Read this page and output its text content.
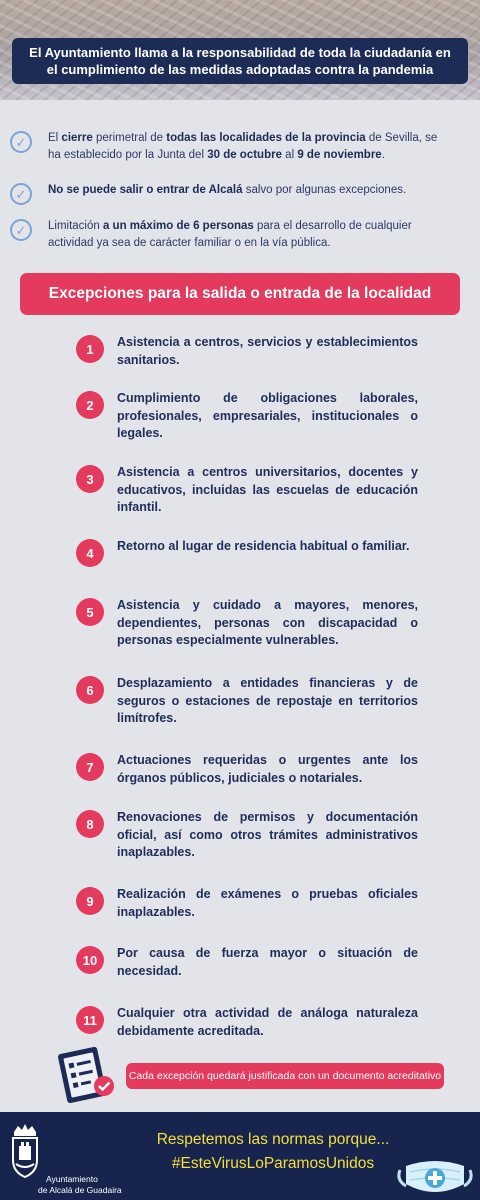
El Ayuntamiento llama a la responsabilidad de toda la ciudadanía en el cumplimiento de las medidas adoptadas contra la pandemia
✓	El cierre perimetral de todas las localidades de la provincia de Sevilla, se ha establecido por la Junta del 30 de octubre al 9 de noviembre.

✓	No se puede salir o entrar de Alcalá salvo por algunas excepciones.

✓	Limitación a un máximo de 6 personas para el desarrollo de cualquier actividad ya sea de carácter familiar o en la vía pública.

Excepciones para la salida o entrada de la localidad
1	Asistencia a centros, servicios y establecimientos sanitarios.
2	Cumplimiento de obligaciones laborales, profesionales, empresariales, institucionales o legales.
3	Asistencia a centros universitarios, docentes y educativos, incluidas las escuelas de educación infantil.
4	Retorno al lugar de residencia habitual o familiar.
5	Asistencia y cuidado a mayores, menores, dependientes, personas con discapacidad o personas especialmente vulnerables.
6	Desplazamiento a entidades financieras y de seguros o estaciones de repostaje en territorios limítrofes.
7	Actuaciones requeridas o urgentes ante los órganos públicos, judiciales o notariales.
8	Renovaciones de permisos y documentación oficial, así como otros trámites administrativos inaplazables.
9	Realización de exámenes o pruebas oficiales inaplazables.
10	Por causa de fuerza mayor o situación de necesidad.
11	Cualquier otra actividad de análoga naturaleza debidamente acreditada.
Cada excepción quedará justificada con un documento acreditativo
Ayuntamiento
de Alcalá de Guadaira
Respetemos las normas porque...
#EsteVirusLoParamosUnidos
